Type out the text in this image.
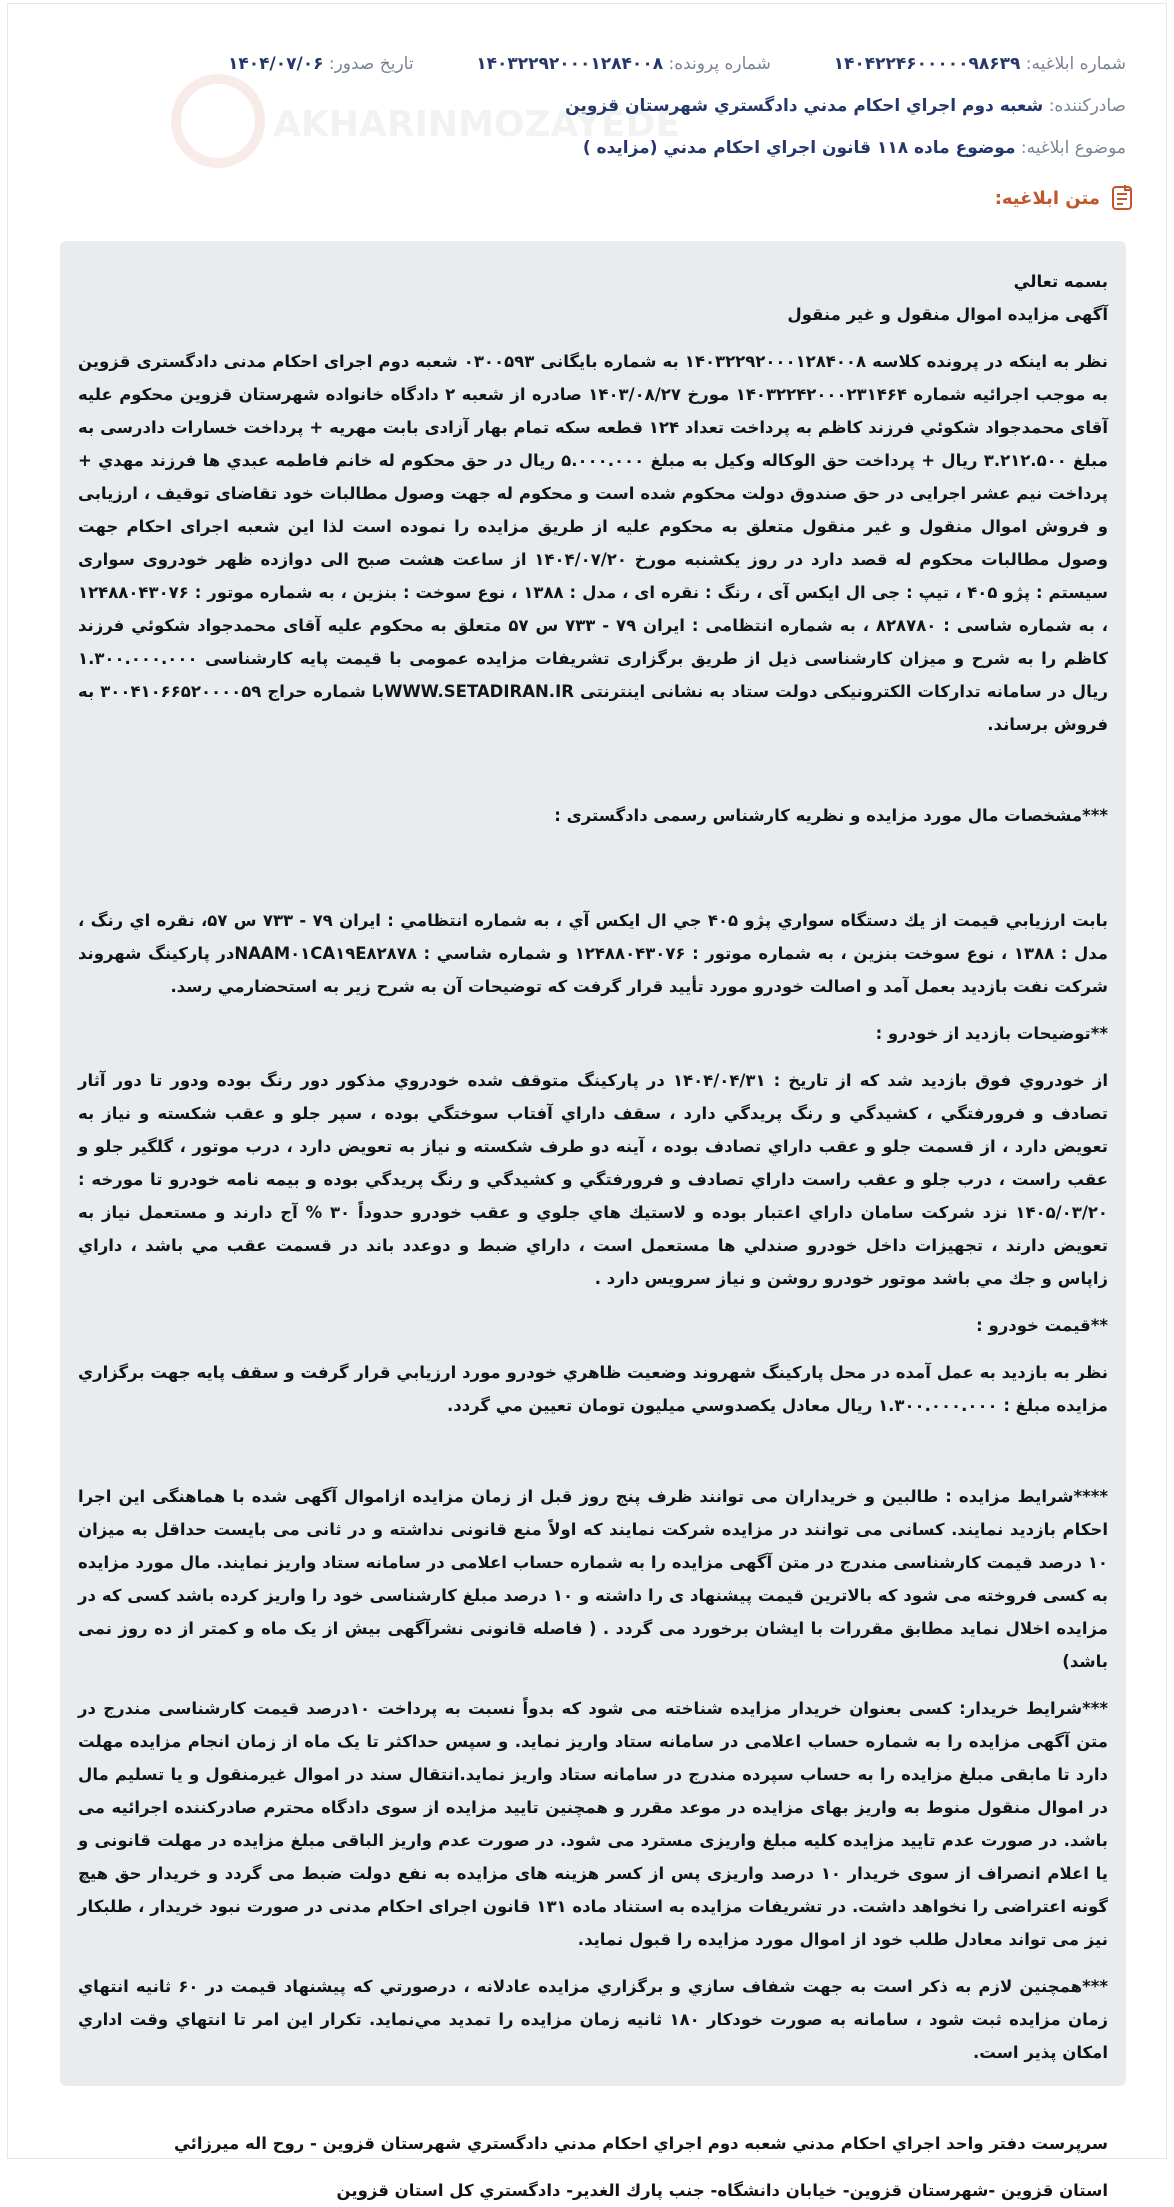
AKHARINMOZAYEDE
شماره ابلاغیه: ۱۴۰۴۲۲۴۶۰۰۰۰۰۹۸۶۳۹
شماره پرونده: ۱۴۰۳۲۲۹۲۰۰۰۱۲۸۴۰۰۸
تاریخ صدور: ۱۴۰۴/۰۷/۰۶
صادرکننده: شعبه دوم اجراي احکام مدني دادگستري شهرستان قزوين
موضوع ابلاغیه: موضوع ماده ۱۱۸ قانون اجراي احکام مدني (مزايده )
متن ابلاغیه:

بسمه تعالي

آگهی مزایده اموال منقول و غیر منقول

نظر به اینکه در پرونده کلاسه ۱۴۰۳۲۲۹۲۰۰۰۱۲۸۴۰۰۸ به شماره بایگانی ۰۳۰۰۵۹۳ شعبه دوم اجرای احکام مدنی دادگستری قزوین به موجب اجرائیه شماره ۱۴۰۳۲۲۴۲۰۰۰۲۳۱۴۶۴ مورخ ۱۴۰۳/۰۸/۲۷ صادره از شعبه ۲ دادگاه خانواده شهرستان قزوین محکوم علیه آقای محمدجواد شکوئي فرزند کاظم به پرداخت تعداد ۱۲۴ قطعه سکه تمام بهار آزادی بابت مهریه + پرداخت خسارات دادرسی به مبلغ ۳.۲۱۲.۵۰۰ ریال + پرداخت حق الوكاله وكيل به مبلغ ۵.۰۰۰.۰۰۰ ريال در حق محكوم له خانم فاطمه عبدي ها فرزند مهدي + پرداخت نیم عشر اجرایی در حق صندوق دولت محکوم شده است و محکوم له جهت وصول مطالبات خود تقاضای توقیف ، ارزیابی و فروش اموال منقول و غیر منقول متعلق به محکوم علیه از طریق مزایده را نموده است لذا این شعبه اجرای احکام جهت وصول مطالبات محکوم له قصد دارد در روز یکشنبه مورخ ۱۴۰۴/۰۷/۲۰ از ساعت هشت صبح الی دوازده ظهر خودروی سواری سیستم : پژو ۴۰۵ ، تیپ : جی ال ایکس آی ، رنگ : نقره ای ، مدل : ۱۳۸۸ ، نوع سوخت : بنزین ، به شماره موتور : ۱۲۴۸۸۰۴۳۰۷۶ ، به شماره شاسی : ۸۲۸۷۸۰ ، به شماره انتظامی : ایران ۷۹ - ۷۳۳ س ۵۷ متعلق به محکوم علیه آقای محمدجواد شکوئي فرزند کاظم را به شرح و میزان کارشناسی ذیل از طریق برگزاری تشریفات مزایده عمومی با قیمت پایه کارشناسی ۱.۳۰۰.۰۰۰.۰۰۰ ریال در سامانه تدارکات الکترونیکی دولت ستاد به نشانی اینترنتی WWW.SETADIRAN.IRبا شماره حراج ۳۰۰۴۱۰۶۶۵۲۰۰۰۰۵۹ به فروش برساند.

***مشخصات مال مورد مزایده و نظریه کارشناس رسمی دادگستری :

بابت ارزيابي قيمت از يك دستگاه سواري پژو ۴۰۵ جي ال ايكس آي ، به شماره انتظامي : ايران ۷۹ - ۷۳۳ س ۵۷، نقره اي رنگ ، مدل : ۱۳۸۸ ، نوع سوخت بنزين ، به شماره موتور : ۱۲۴۸۸۰۴۳۰۷۶ و شماره شاسي : NAAM۰۱CA۱۹E۸۲۸۷۸در پاركينگ شهروند شركت نفت بازديد بعمل آمد و اصالت خودرو مورد تأييد قرار گرفت كه توضيحات آن به شرح زير به استحضارمي رسد.

**توضيحات بازديد از خودرو :

از خودروي فوق بازديد شد كه از تاريخ : ۱۴۰۴/۰۴/۳۱ در پاركينگ متوقف شده خودروي مذكور دور رنگ بوده ودور تا دور آثار تصادف و فرورفتگي ، كشيدگي و رنگ پريدگي دارد ، سقف داراي آفتاب سوختگي بوده ، سپر جلو و عقب شكسته و نياز به تعويض دارد ، از قسمت جلو و عقب داراي تصادف بوده ، آينه دو طرف شكسته و نياز به تعويض دارد ، درب موتور ، گلگير جلو و عقب راست ، درب جلو و عقب راست داراي تصادف و فرورفتگي و كشيدگي و رنگ پريدگي بوده و بيمه نامه خودرو تا مورخه : ۱۴۰۵/۰۳/۲۰ نزد شركت سامان داراي اعتبار بوده و لاستيك هاي جلوي و عقب خودرو حدوداً ۳۰ % آج دارند و مستعمل نياز به تعويض دارند ، تجهيزات داخل خودرو صندلي ها مستعمل است ، داراي ضبط و دوعدد باند در قسمت عقب مي باشد ، داراي زاپاس و جك مي باشد موتور خودرو روشن و نياز سرويس دارد .

**قيمت خودرو :

نظر به بازديد به عمل آمده در محل پاركينگ شهروند وضعيت ظاهري خودرو مورد ارزيابي قرار گرفت و سقف پايه جهت برگزاري مزايده مبلغ : ۱.۳۰۰.۰۰۰.۰۰۰ ريال معادل يكصدوسي ميليون تومان تعيين مي گردد.

****شرایط مزایده : طالبین و خریداران می توانند ظرف پنج روز قبل از زمان مزایده ازاموال آگهی شده با هماهنگی این اجرا احکام بازدید نمایند. کسانی می توانند در مزایده شرکت نمایند که اولاً منع قانونی نداشته و در ثانی می بایست حداقل به میزان ۱۰ درصد قیمت کارشناسی مندرج در متن آگهی مزایده را به شماره حساب اعلامی در سامانه ستاد واریز نمایند. مال مورد مزایده به کسی فروخته می شود که بالاترین قیمت پیشنهاد ی را داشته و ۱۰ درصد مبلغ کارشناسی خود را واریز کرده باشد کسی که در مزایده اخلال نماید مطابق مقررات با ایشان برخورد می گردد . ( فاصله قانونی نشرآگهی بیش از یک ماه و کمتر از ده روز نمی باشد)

***شرایط خریدار: کسی بعنوان خریدار مزایده شناخته می شود که بدواً نسبت به پرداخت ۱۰درصد قیمت کارشناسی مندرج در متن آگهی مزایده را به شماره حساب اعلامی در سامانه ستاد واریز نماید. و سپس حداکثر تا یک ماه از زمان انجام مزایده مهلت دارد تا مابقی مبلغ مزایده را به حساب سپرده مندرج در سامانه ستاد واریز نماید.انتقال سند در اموال غیرمنقول و یا تسلیم مال در اموال منقول منوط به واریز بهای مزایده در موعد مقرر و همچنین تایید مزایده از سوی دادگاه محترم صادرکننده اجرائیه می باشد. در صورت عدم تایید مزایده کلیه مبلغ واریزی مسترد می شود. در صورت عدم واریز الباقی مبلغ مزایده در مهلت قانونی و یا اعلام انصراف از سوی خریدار ۱۰ درصد واریزی پس از کسر هزینه های مزایده به نفع دولت ضبط می گردد و خریدار حق هیچ گونه اعتراضی را نخواهد داشت. در تشریفات مزایده به استناد ماده ۱۳۱ قانون اجرای احکام مدنی در صورت نبود خریدار ، طلبکار نیز می تواند معادل طلب خود از اموال مورد مزایده را قبول نماید.

***همچنين لازم به ذكر است به جهت شفاف سازي و برگزاري مزايده عادلانه ، درصورتي كه پيشنهاد قيمت در ۶۰ ثانيه انتهاي زمان مزايده ثبت شود ، سامانه به صورت خودكار ۱۸۰ ثانيه زمان مزايده را تمديد مي‌نمايد. تكرار اين امر تا انتهاي وقت اداري امكان پذير است.

سرپرست دفتر واحد اجراي احكام مدني شعبه دوم اجراي احكام مدني دادگستري شهرستان قزوين - روح اله ميرزائي

استان قزوين -شهرستان قزوين- خيابان دانشگاه- جنب پارك الغدير- دادگستري كل استان قزوين
